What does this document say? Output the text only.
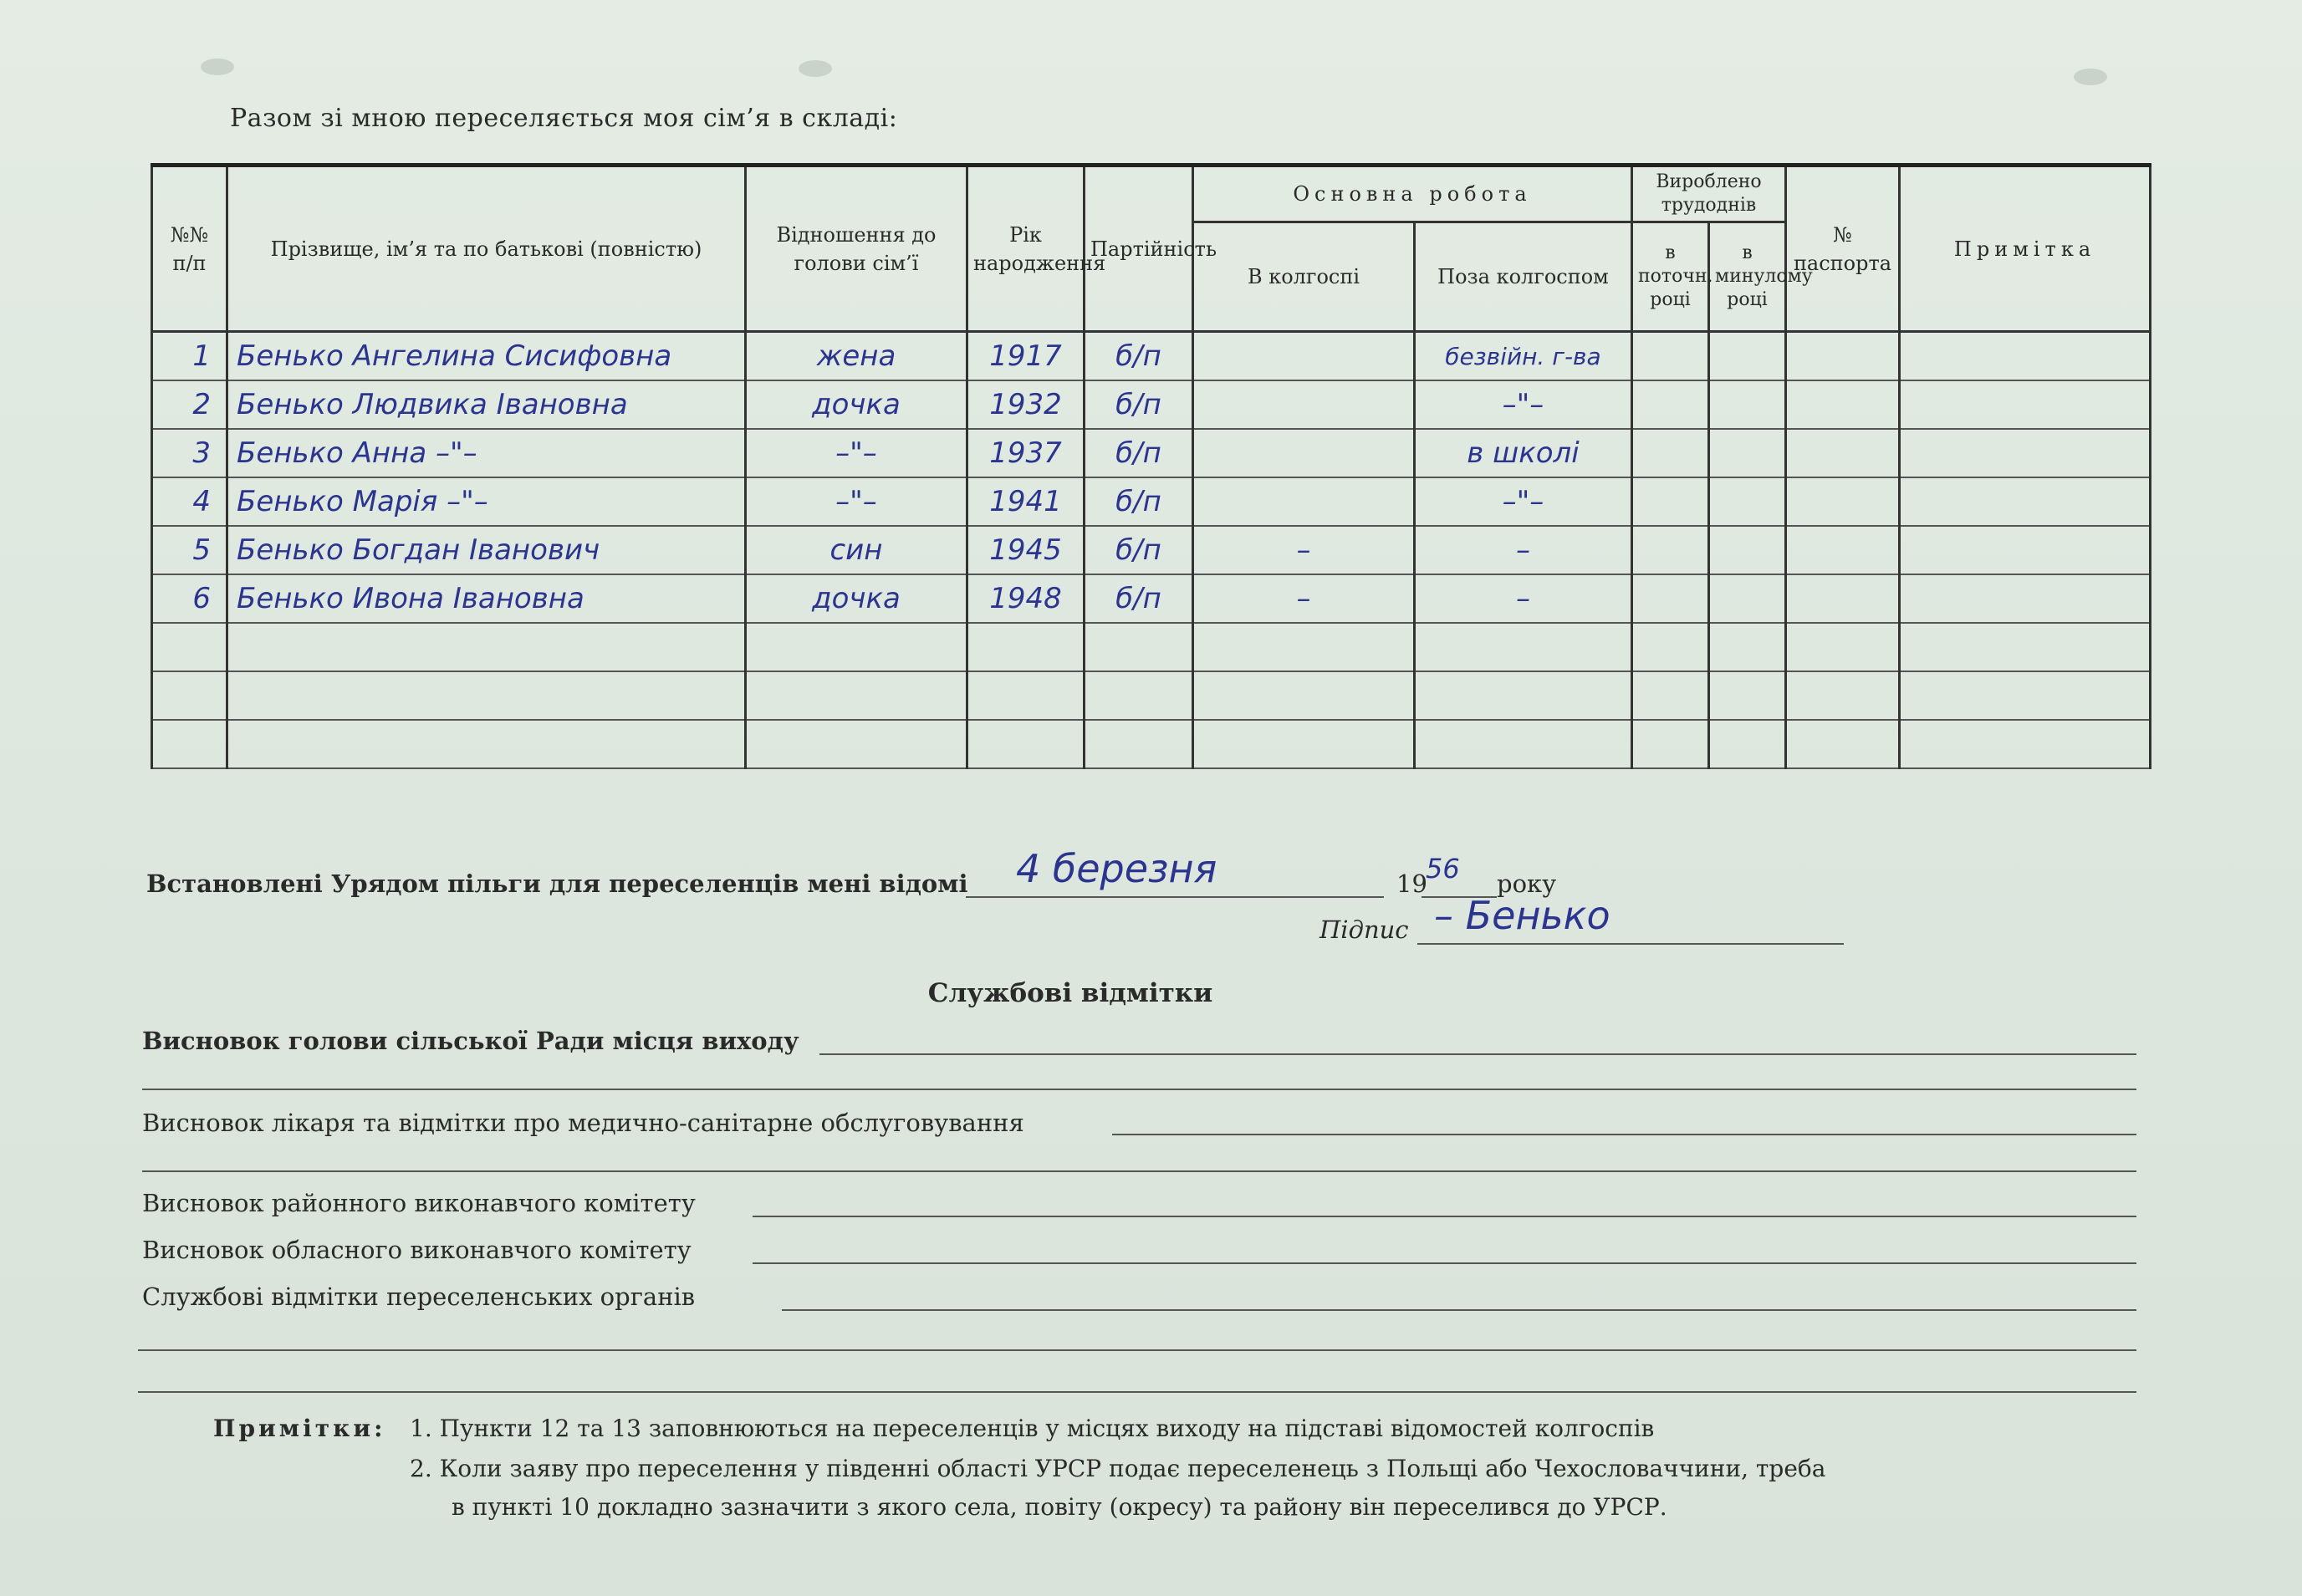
Разом зі мною переселяється моя сім’я в складі:
№№ п/п	Прізвище, ім’я та по батькові (повністю)	Відношення до голови сім’ї	Рік народження	Партійність	Основна робота		Вироблено трудоднів		№ паспорта	Примітка
					В колгоспі	Поза колгоспом	в поточн. році	в минулому році		
1	Бенько Ангелина Сисифовна	жена	1917	б/п		безвійн. г-ва				
2	Бенько Людвика Івановна	дочка	1932	б/п		–"–				
3	Бенько Анна –"–	–"–	1937	б/п		в школі				
4	Бенько Марія –"–	–"–	1941	б/п		–"–				
5	Бенько Богдан Іванович	син	1945	б/п	–	–				
6	Бенько Ивона Івановна	дочка	1948	б/п	–	–				

Встановлені Урядом пільги для переселенців мені відомі 4 березня	19
56 року
Підпис – Бенько
Службові відмітки
Висновок голови сільської Ради місця виходу
Висновок лікаря та відмітки про медично-санітарне обслуговування
Висновок районного виконавчого комітету
Висновок обласного виконавчого комітету
Службові відмітки переселенських органів
Примітки: 1. Пункти 12 та 13 заповнюються на переселенців у місцях виходу на підставі відомостей колгоспів
2. Коли заяву про переселення у південні області УРСР подає переселенець з Польщі або Чехословаччини, треба
в пункті 10 докладно зазначити з якого села, повіту (окресу) та району він переселився до УРСР.
